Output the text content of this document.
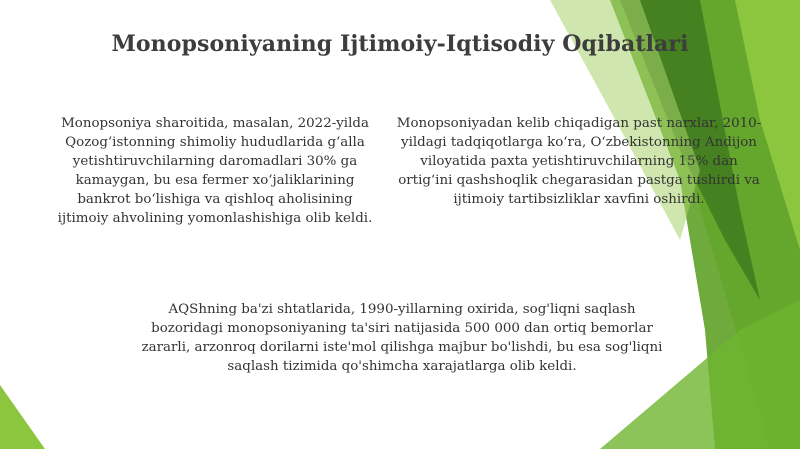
Monopsoniyaning Ijtimoiy-Iqtisodiy Oqibatlari
Monopsoniya sharoitida, masalan, 2022-yilda Qozog‘istonning shimoliy hududlarida g‘alla yetishtiruvchilarning daromadlari 30% ga kamaygan, bu esa fermer xo‘jaliklarining bankrot bo‘lishiga va qishloq aholisining ijtimoiy ahvolining yomonlashishiga olib keldi.
Monopsoniyadan kelib chiqadigan past narxlar, 2010-yildagi tadqiqotlarga ko‘ra, O‘zbekistonning Andijon viloyatida paxta yetishtiruvchilarning 15% dan ortig‘ini qashshoqlik chegarasidan pastga tushirdi va ijtimoiy tartibsizliklar xavfini oshirdi.
AQShning ba'zi shtatlarida, 1990-yillarning oxirida, sog'liqni saqlash bozoridagi monopsoniyaning ta'siri natijasida 500 000 dan ortiq bemorlar zararli, arzonroq dorilarni iste'mol qilishga majbur bo'lishdi, bu esa sog'liqni saqlash tizimida qo'shimcha xarajatlarga olib keldi.
